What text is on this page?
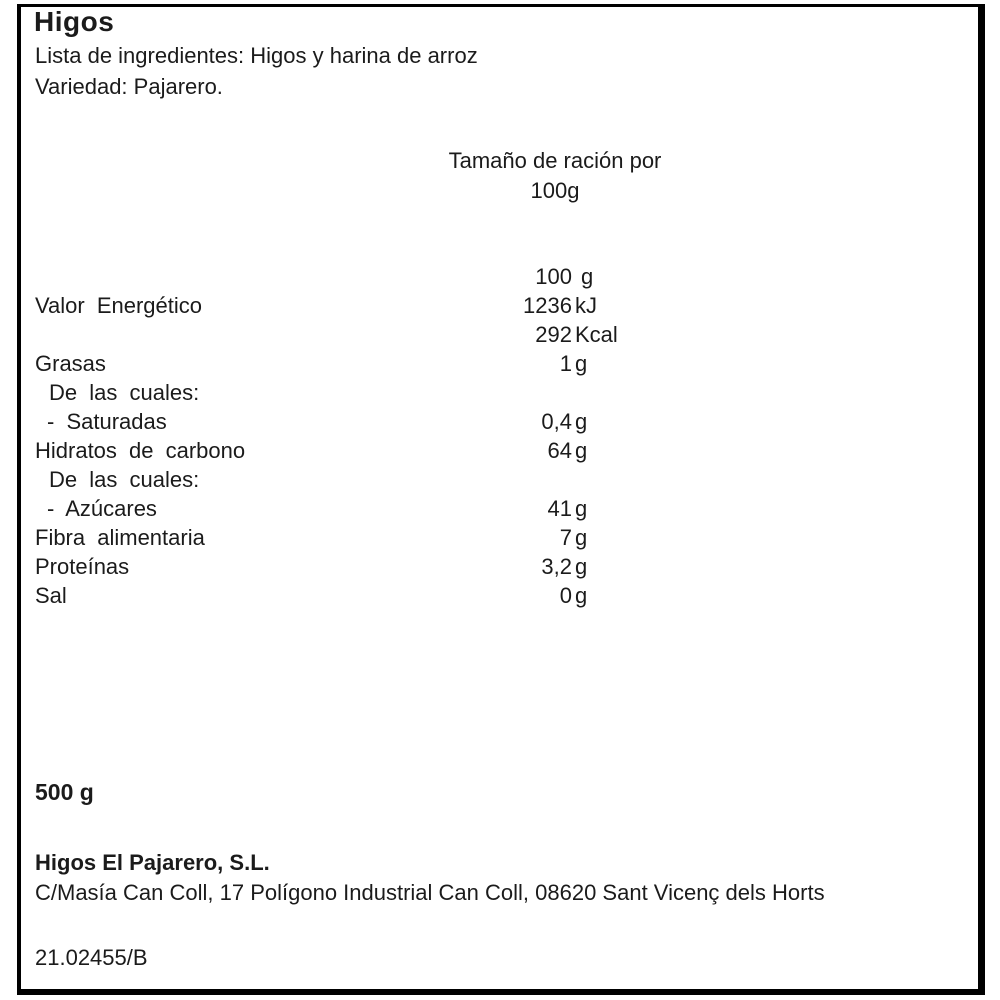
Higos
Lista de ingredientes: Higos y harina de arroz
Variedad: Pajarero.
Tamaño de ración por
100g
100 g
Valor Energético	1236 kJ
292 Kcal
Grasas	1 g
De las cuales:
- Saturadas	0,4 g
Hidratos de carbono	64 g
De las cuales:
- Azúcares	41 g
Fibra alimentaria	7 g
Proteínas	3,2 g
Sal	0 g
500 g
Higos El Pajarero, S.L.
C/Masía Can Coll, 17 Polígono Industrial Can Coll, 08620 Sant Vicenç dels Horts
21.02455/B
